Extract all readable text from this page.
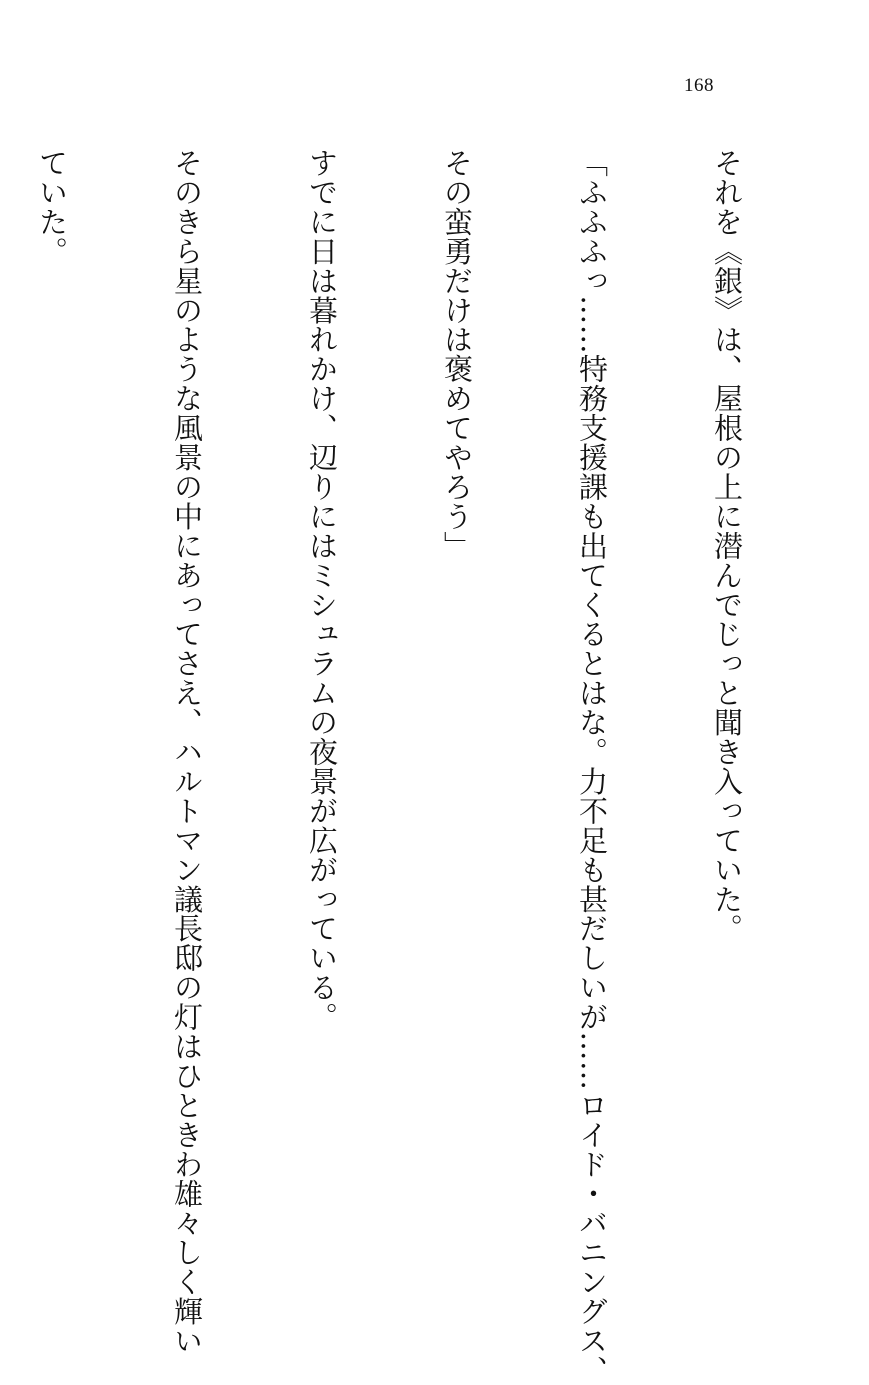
168

それを《銀》は、屋根の上に潜んでじっと聞き入っていた。

「ふふふっ……特務支援課も出てくるとはな。力不足も甚だしいが……ロイド・バニングス、

その蛮勇だけは褒めてやろう」

すでに日は暮れかけ、辺りにはミシュラムの夜景が広がっている。

そのきら星のような風景の中にあってさえ、ハルトマン議長邸の灯はひときわ雄々しく輝い

ていた。
